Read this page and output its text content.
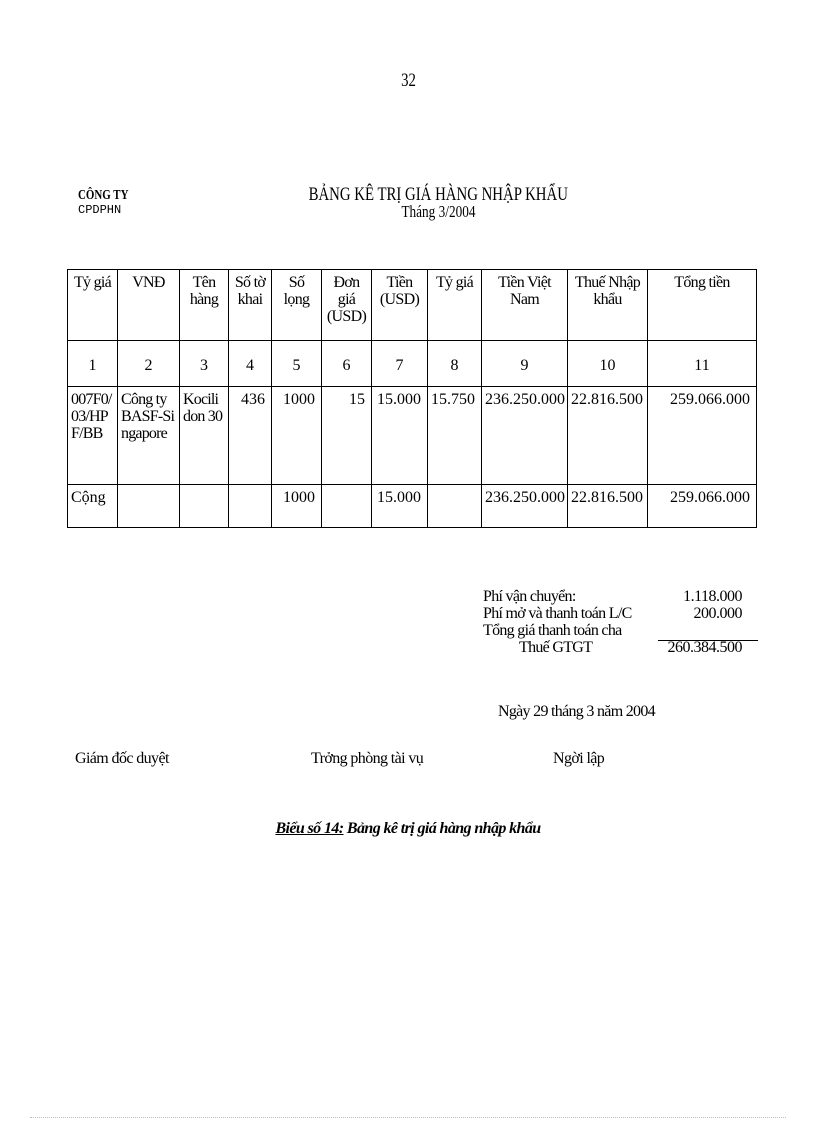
32
CÔNG TY
CPDPHN
BẢNG KÊ TRỊ GIÁ HÀNG NHẬP KHẨU
Tháng 3/2004
Tỷ giá	VNĐ	Tên hàng	Số tờ khai	Số lọng	Đơn giá (USD)	Tiền (USD)	Tỷ giá	Tiền Việt Nam	Thuế Nhập khẩu	Tổng tiền
1	2	3	4	5	6	7	8	9	10	11
007F0/03/HPF/BB	Công ty BASF-Singapore	Kocilidon 30	436	1000	15	15.000	15.750	236.250.000	22.816.500	259.066.000
Cộng				1000		15.000		236.250.000	22.816.500	259.066.000
Phí vận chuyển:	1.118.000
Phí mở và thanh toán L/C	200.000
Tổng giá thanh toán cha
Thuế GTGT	260.384.500
Ngày 29 tháng 3 năm 2004
Giám đốc duyệt	Trởng phòng tài vụ	Ngời lập
Biểu số 14: Bảng kê trị giá hàng nhập khẩu
